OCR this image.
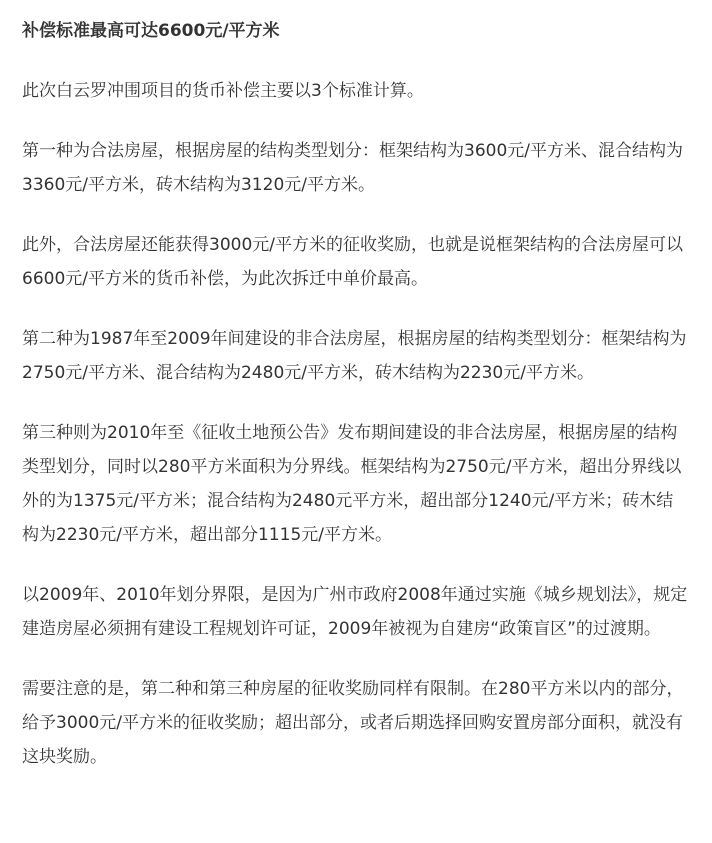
补偿标准最高可达6600元/平方米

此次白云罗冲围项目的货币补偿主要以3个标准计算。

第一种为合法房屋，根据房屋的结构类型划分：框架结构为3600元/平方米、混合结构为3360元/平方米，砖木结构为3120元/平方米。

此外，合法房屋还能获得3000元/平方米的征收奖励，也就是说框架结构的合法房屋可以6600元/平方米的货币补偿，为此次拆迁中单价最高。

第二种为1987年至2009年间建设的非合法房屋，根据房屋的结构类型划分：框架结构为2750元/平方米、混合结构为2480元/平方米，砖木结构为2230元/平方米。

第三种则为2010年至《征收土地预公告》发布期间建设的非合法房屋，根据房屋的结构类型划分，同时以280平方米面积为分界线。框架结构为2750元/平方米，超出分界线以外的为1375元/平方米；混合结构为2480元平方米，超出部分1240元/平方米；砖木结构为2230元/平方米，超出部分1115元/平方米。

以2009年、2010年划分界限，是因为广州市政府2008年通过实施《城乡规划法》，规定建造房屋必须拥有建设工程规划许可证，2009年被视为自建房“政策盲区”的过渡期。

需要注意的是，第二种和第三种房屋的征收奖励同样有限制。在280平方米以内的部分，给予3000元/平方米的征收奖励；超出部分，或者后期选择回购安置房部分面积，就没有这块奖励。
